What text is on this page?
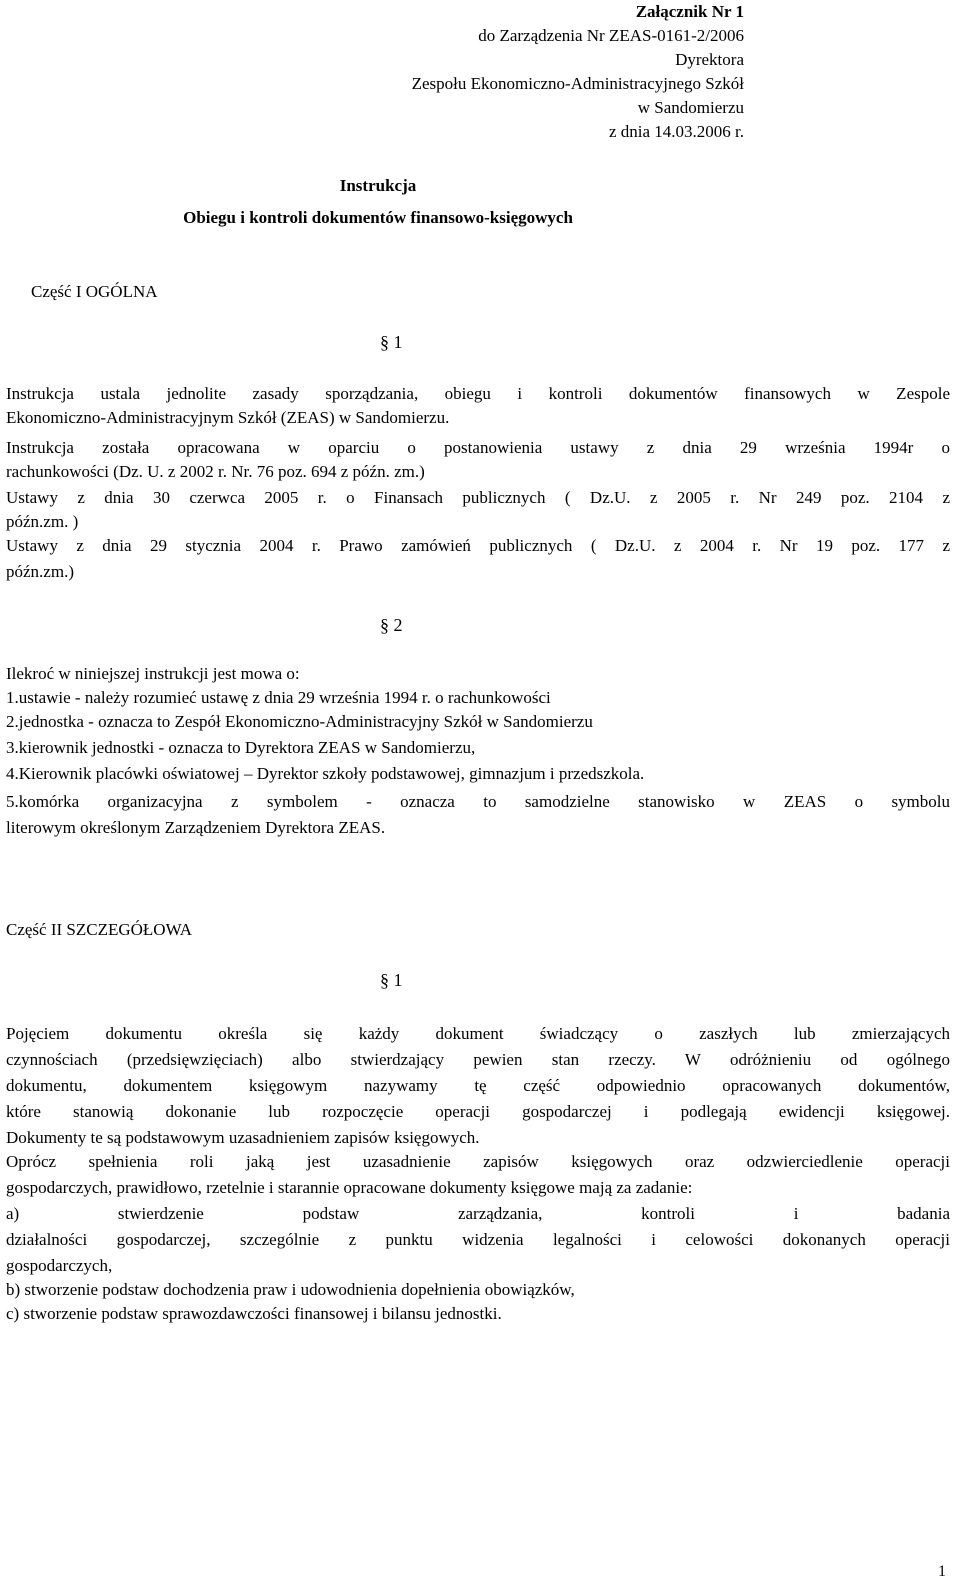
Załącznik Nr 1
do Zarządzenia Nr ZEAS-0161-2/2006
Dyrektora
Zespołu Ekonomiczno-Administracyjnego Szkół
w Sandomierzu
z dnia 14.03.2006 r.
Instrukcja
Obiegu i kontroli dokumentów finansowo-księgowych
Część I OGÓLNA
§ 1
Instrukcja ustala jednolite zasady sporządzania, obiegu i kontroli dokumentów finansowych w Zespole
Ekonomiczno-Administracyjnym Szkół (ZEAS) w Sandomierzu.
Instrukcja została opracowana w oparciu o postanowienia ustawy z dnia 29 września 1994r o
rachunkowości (Dz. U. z 2002 r. Nr. 76 poz. 694 z późn. zm.)
Ustawy z dnia 30 czerwca 2005 r. o Finansach publicznych ( Dz.U. z 2005 r. Nr 249 poz. 2104 z
późn.zm. )
Ustawy z dnia 29 stycznia 2004 r. Prawo zamówień publicznych ( Dz.U. z 2004 r. Nr 19 poz. 177 z
późn.zm.)
§ 2
Ilekroć w niniejszej instrukcji jest mowa o:
1.ustawie - należy rozumieć ustawę z dnia 29 września 1994 r. o rachunkowości
2.jednostka - oznacza to Zespół Ekonomiczno-Administracyjny Szkół w Sandomierzu
3.kierownik jednostki - oznacza to Dyrektora ZEAS w Sandomierzu,
4.Kierownik placówki oświatowej – Dyrektor szkoły podstawowej, gimnazjum i przedszkola.
5.komórka organizacyjna z symbolem - oznacza to samodzielne stanowisko w ZEAS o symbolu
literowym określonym Zarządzeniem Dyrektora ZEAS.
Część II SZCZEGÓŁOWA
§ 1
Pojęciem dokumentu określa się każdy dokument świadczący o zaszłych lub zmierzających
czynnościach (przedsięwzięciach) albo stwierdzający pewien stan rzeczy. W odróżnieniu od ogólnego
dokumentu, dokumentem księgowym nazywamy tę część odpowiednio opracowanych dokumentów,
które stanowią dokonanie lub rozpoczęcie operacji gospodarczej i podlegają ewidencji księgowej.
Dokumenty te są podstawowym uzasadnieniem zapisów księgowych.
Oprócz spełnienia roli jaką jest uzasadnienie zapisów księgowych oraz odzwierciedlenie operacji
gospodarczych, prawidłowo, rzetelnie i starannie opracowane dokumenty księgowe mają za zadanie:
a) stwierdzenie podstaw zarządzania, kontroli i badania
działalności gospodarczej, szczególnie z punktu widzenia legalności i celowości dokonanych operacji
gospodarczych,
b) stworzenie podstaw dochodzenia praw i udowodnienia dopełnienia obowiązków,
c) stworzenie podstaw sprawozdawczości finansowej i bilansu jednostki.
1
